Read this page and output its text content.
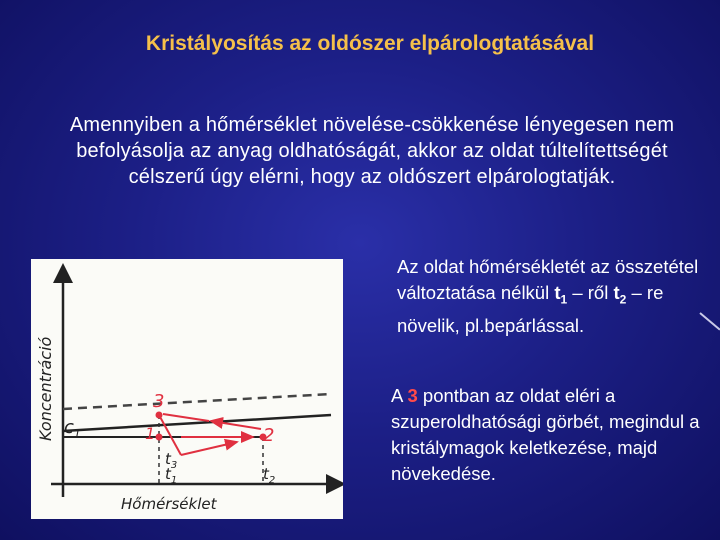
Kristályosítás az oldószer elpárologtatásával
Amennyiben a hőmérséklet növelése-csökkenése lényegesen nem befolyásolja az anyag oldhatóságát, akkor az oldat túltelítettségét célszerű úgy elérni, hogy az oldószert elpárologtatják.
Koncentráció
Hőmérséklet
$c_1$
3
1	2
$t_3$
$t_1$	$t_2$
Az oldat hőmérsékletét az összetétel változtatása nélkül $t_1$ – ről $t_2$ – re növelik, pl.bepárlással.
A 3 pontban az oldat eléri a szuperoldhatósági görbét, megindul a kristálymagok keletkezése, majd növekedése.
